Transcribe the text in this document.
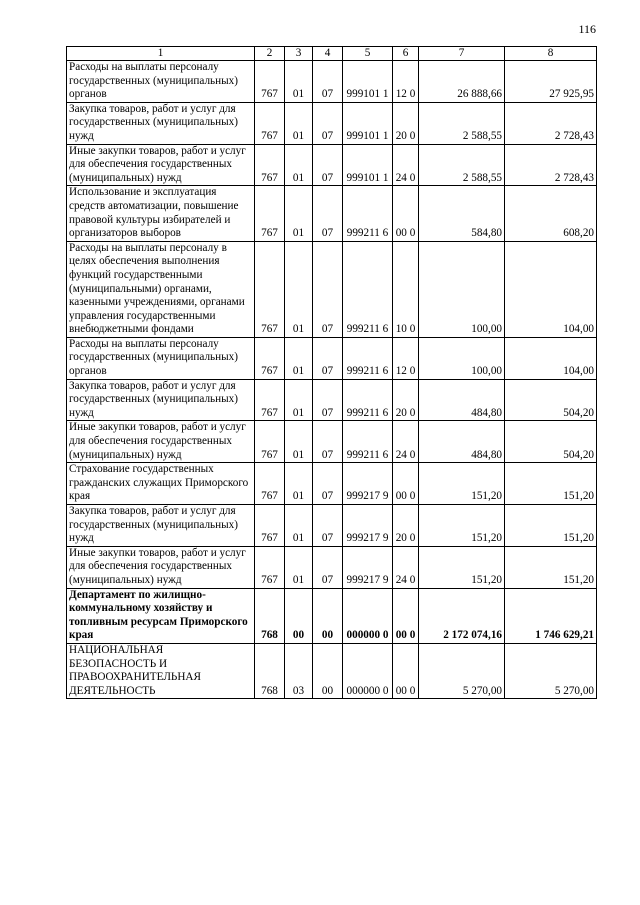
116
1	2	3	4	5	6	7	8
Расходы на выплаты персоналу государственных (муниципальных) органов	767	01	07	999101 1	12 0	26 888,66	27 925,95
Закупка товаров, работ и услуг для государственных (муниципальных) нужд	767	01	07	999101 1	20 0	2 588,55	2 728,43
Иные закупки товаров, работ и услуг для обеспечения государственных (муниципальных) нужд	767	01	07	999101 1	24 0	2 588,55	2 728,43
Использование и эксплуатация средств автоматизации, повышение правовой культуры избирателей и организаторов выборов	767	01	07	999211 6	00 0	584,80	608,20
Расходы на выплаты персоналу в целях обеспечения выполнения функций государственными (муниципальными) органами, казенными учреждениями, органами управления государственными внебюджетными фондами	767	01	07	999211 6	10 0	100,00	104,00
Расходы на выплаты персоналу государственных (муниципальных) органов	767	01	07	999211 6	12 0	100,00	104,00
Закупка товаров, работ и услуг для государственных (муниципальных) нужд	767	01	07	999211 6	20 0	484,80	504,20
Иные закупки товаров, работ и услуг для обеспечения государственных (муниципальных) нужд	767	01	07	999211 6	24 0	484,80	504,20
Страхование государственных гражданских служащих Приморского края	767	01	07	999217 9	00 0	151,20	151,20
Закупка товаров, работ и услуг для государственных (муниципальных) нужд	767	01	07	999217 9	20 0	151,20	151,20
Иные закупки товаров, работ и услуг для обеспечения государственных (муниципальных) нужд	767	01	07	999217 9	24 0	151,20	151,20
Департамент по жилищно-коммунальному хозяйству и топливным ресурсам Приморского края	768	00	00	000000 0	00 0	2 172 074,16	1 746 629,21
НАЦИОНАЛЬНАЯ БЕЗОПАСНОСТЬ И ПРАВООХРАНИТЕЛЬНАЯ ДЕЯТЕЛЬНОСТЬ	768	03	00	000000 0	00 0	5 270,00	5 270,00
